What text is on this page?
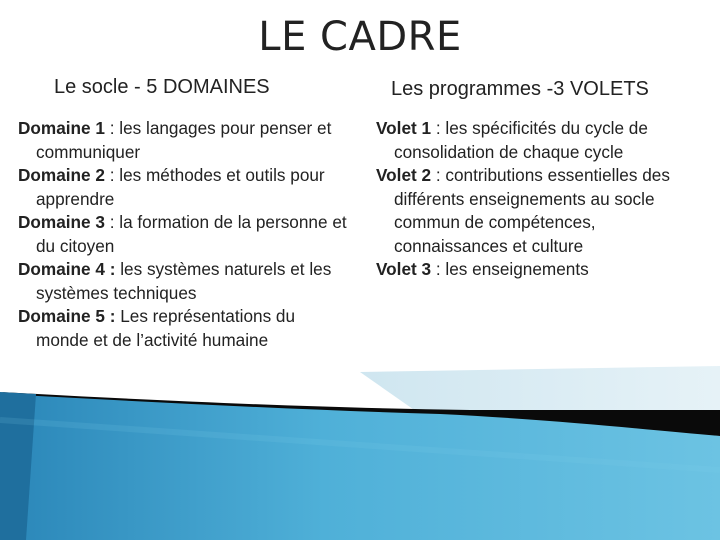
LE CADRE
Le socle - 5 DOMAINES	Les programmes -3 VOLETS
Domaine 1 : les langages pour penser et communiquer
Domaine 2 : les méthodes et outils pour apprendre
Domaine 3 : la formation de la personne et du citoyen
Domaine 4 : les systèmes naturels et les systèmes techniques
Domaine 5 : Les représentations du monde et de l’activité humaine
Volet 1 : les spécificités du cycle de consolidation de chaque cycle
Volet 2 : contributions essentielles des différents enseignements au socle commun de compétences, connaissances et culture
Volet 3 : les enseignements
